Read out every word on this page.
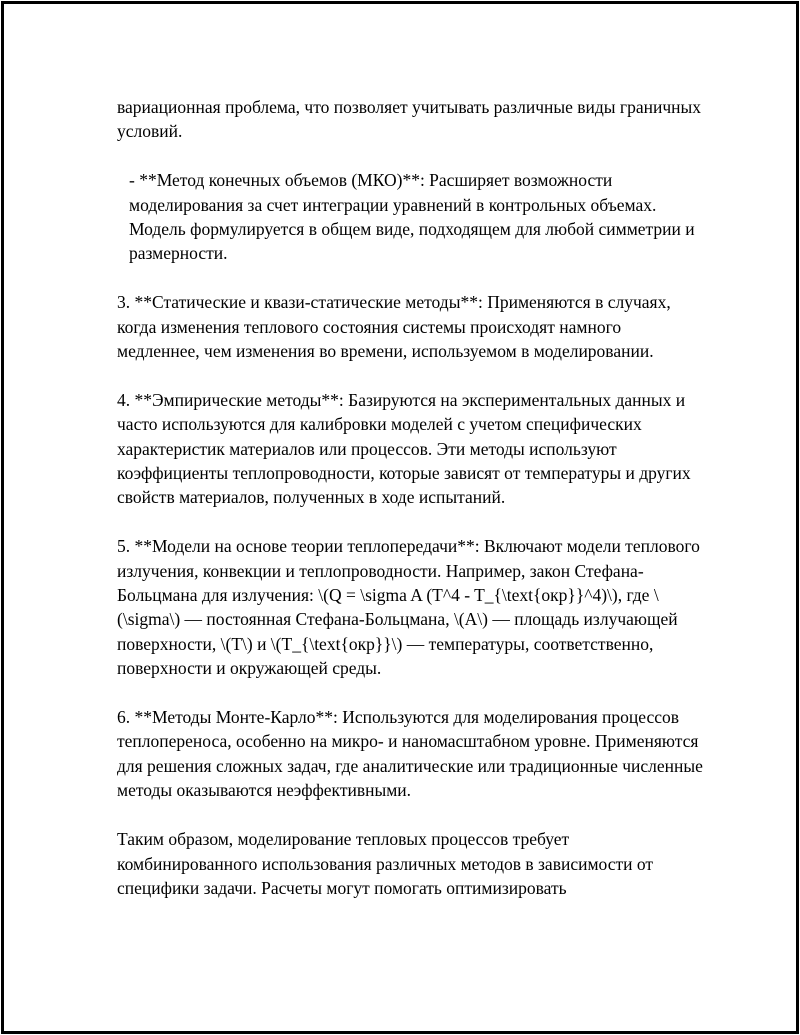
вариационная проблема, что позволяет учитывать различные виды граничных условий.

- **Метод конечных объемов (МКО)**: Расширяет возможности моделирования за счет интеграции уравнений в контрольных объемах. Модель формулируется в общем виде, подходящем для любой симметрии и размерности.

3. **Статические и квази-статические методы**: Применяются в случаях, когда изменения теплового состояния системы происходят намного медленнее, чем изменения во времени, используемом в моделировании.

4. **Эмпирические методы**: Базируются на экспериментальных данных и часто используются для калибровки моделей с учетом специфических характеристик материалов или процессов. Эти методы используют коэффициенты теплопроводности, которые зависят от температуры и других свойств материалов, полученных в ходе испытаний.

5. **Модели на основе теории теплопередачи**: Включают модели теплового излучения, конвекции и теплопроводности. Например, закон Стефана-Больцмана для излучения: \(Q = \sigma A (T^4 - T_{\text{окр}}^4)\), где \(\sigma\) — постоянная Стефана-Больцмана, \(A\) — площадь излучающей поверхности, \(T\) и \(T_{\text{окр}}\) — температуры, соответственно, поверхности и окружающей среды.

6. **Методы Монте-Карло**: Используются для моделирования процессов теплопереноса, особенно на микро- и наномасштабном уровне. Применяются для решения сложных задач, где аналитические или традиционные численные методы оказываются неэффективными.

Таким образом, моделирование тепловых процессов требует комбинированного использования различных методов в зависимости от специфики задачи. Расчеты могут помогать оптимизировать
